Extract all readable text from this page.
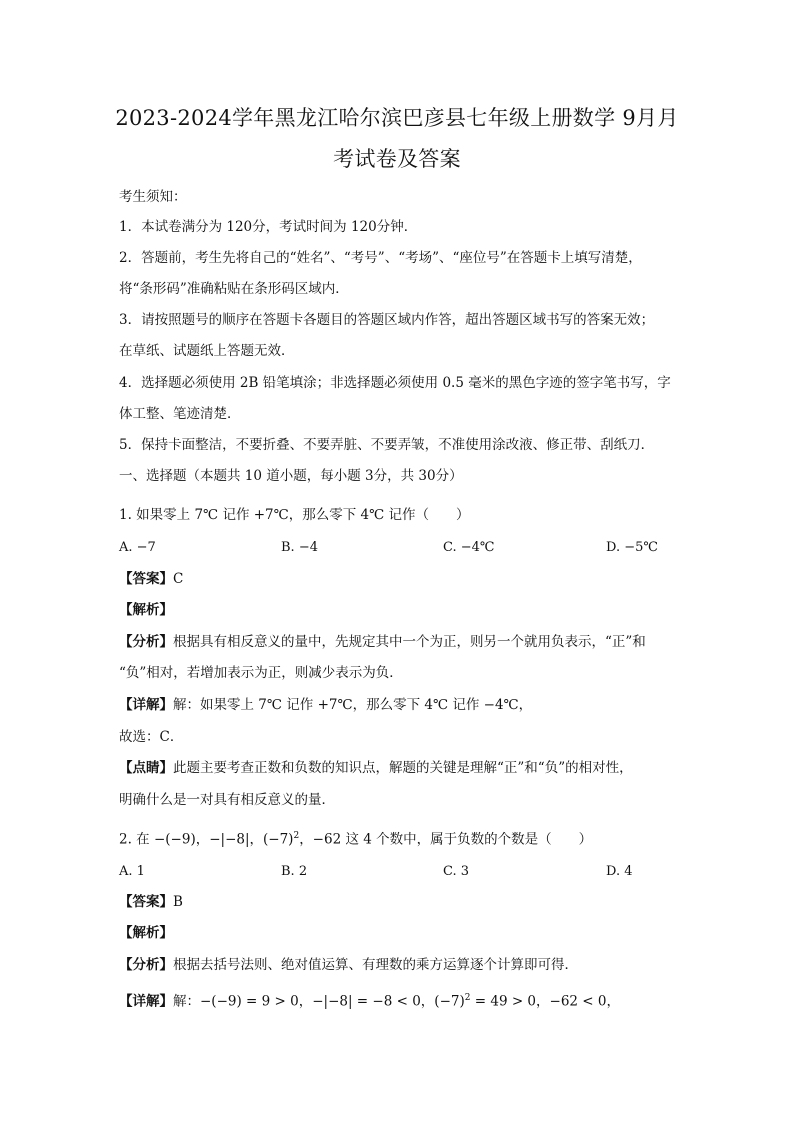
2023-2024学年黑龙江哈尔滨巴彦县七年级上册数学 9月月
考试卷及答案
考生须知：
1．本试卷满分为 120分，考试时间为 120分钟．
2．答题前，考生先将自己的“姓名”、“考号”、“考场”、“座位号”在答题卡上填写清楚，
将“条形码”准确粘贴在条形码区域内．
3．请按照题号的顺序在答题卡各题目的答题区域内作答，超出答题区域书写的答案无效；
在草纸、试题纸上答题无效．
4．选择题必须使用 2B 铅笔填涂；非选择题必须使用 0.5 毫米的黑色字迹的签字笔书写，字
体工整、笔迹清楚．
5．保持卡面整洁，不要折叠、不要弄脏、不要弄皱，不准使用涂改液、修正带、刮纸刀．
一、选择题（本题共 10 道小题，每小题 3分，共 30分）
1. 如果零上 7℃ 记作 +7℃，那么零下 4℃ 记作（　　）
A. −7	B. −4	C. −4℃	D. −5℃
【答案】C
【解析】
【分析】根据具有相反意义的量中，先规定其中一个为正，则另一个就用负表示，“正”和
“负”相对，若增加表示为正，则减少表示为负．
【详解】解：如果零上 7℃ 记作 +7℃，那么零下 4℃ 记作 −4℃，
故选：C．
【点睛】此题主要考查正数和负数的知识点，解题的关键是理解“正”和“负”的相对性，
明确什么是一对具有相反意义的量．
2. 在 −(−9)，−|−8|，$(-7)^2$，−62 这 4 个数中，属于负数的个数是（　　）
A. 1	B. 2	C. 3	D. 4
【答案】B
【解析】
【分析】根据去括号法则、绝对值运算、有理数的乘方运算逐个计算即可得．
【详解】解：−(−9) = 9 > 0，−|−8| = −8 < 0，$(-7)^2 = 49 > 0$，−62 < 0，
